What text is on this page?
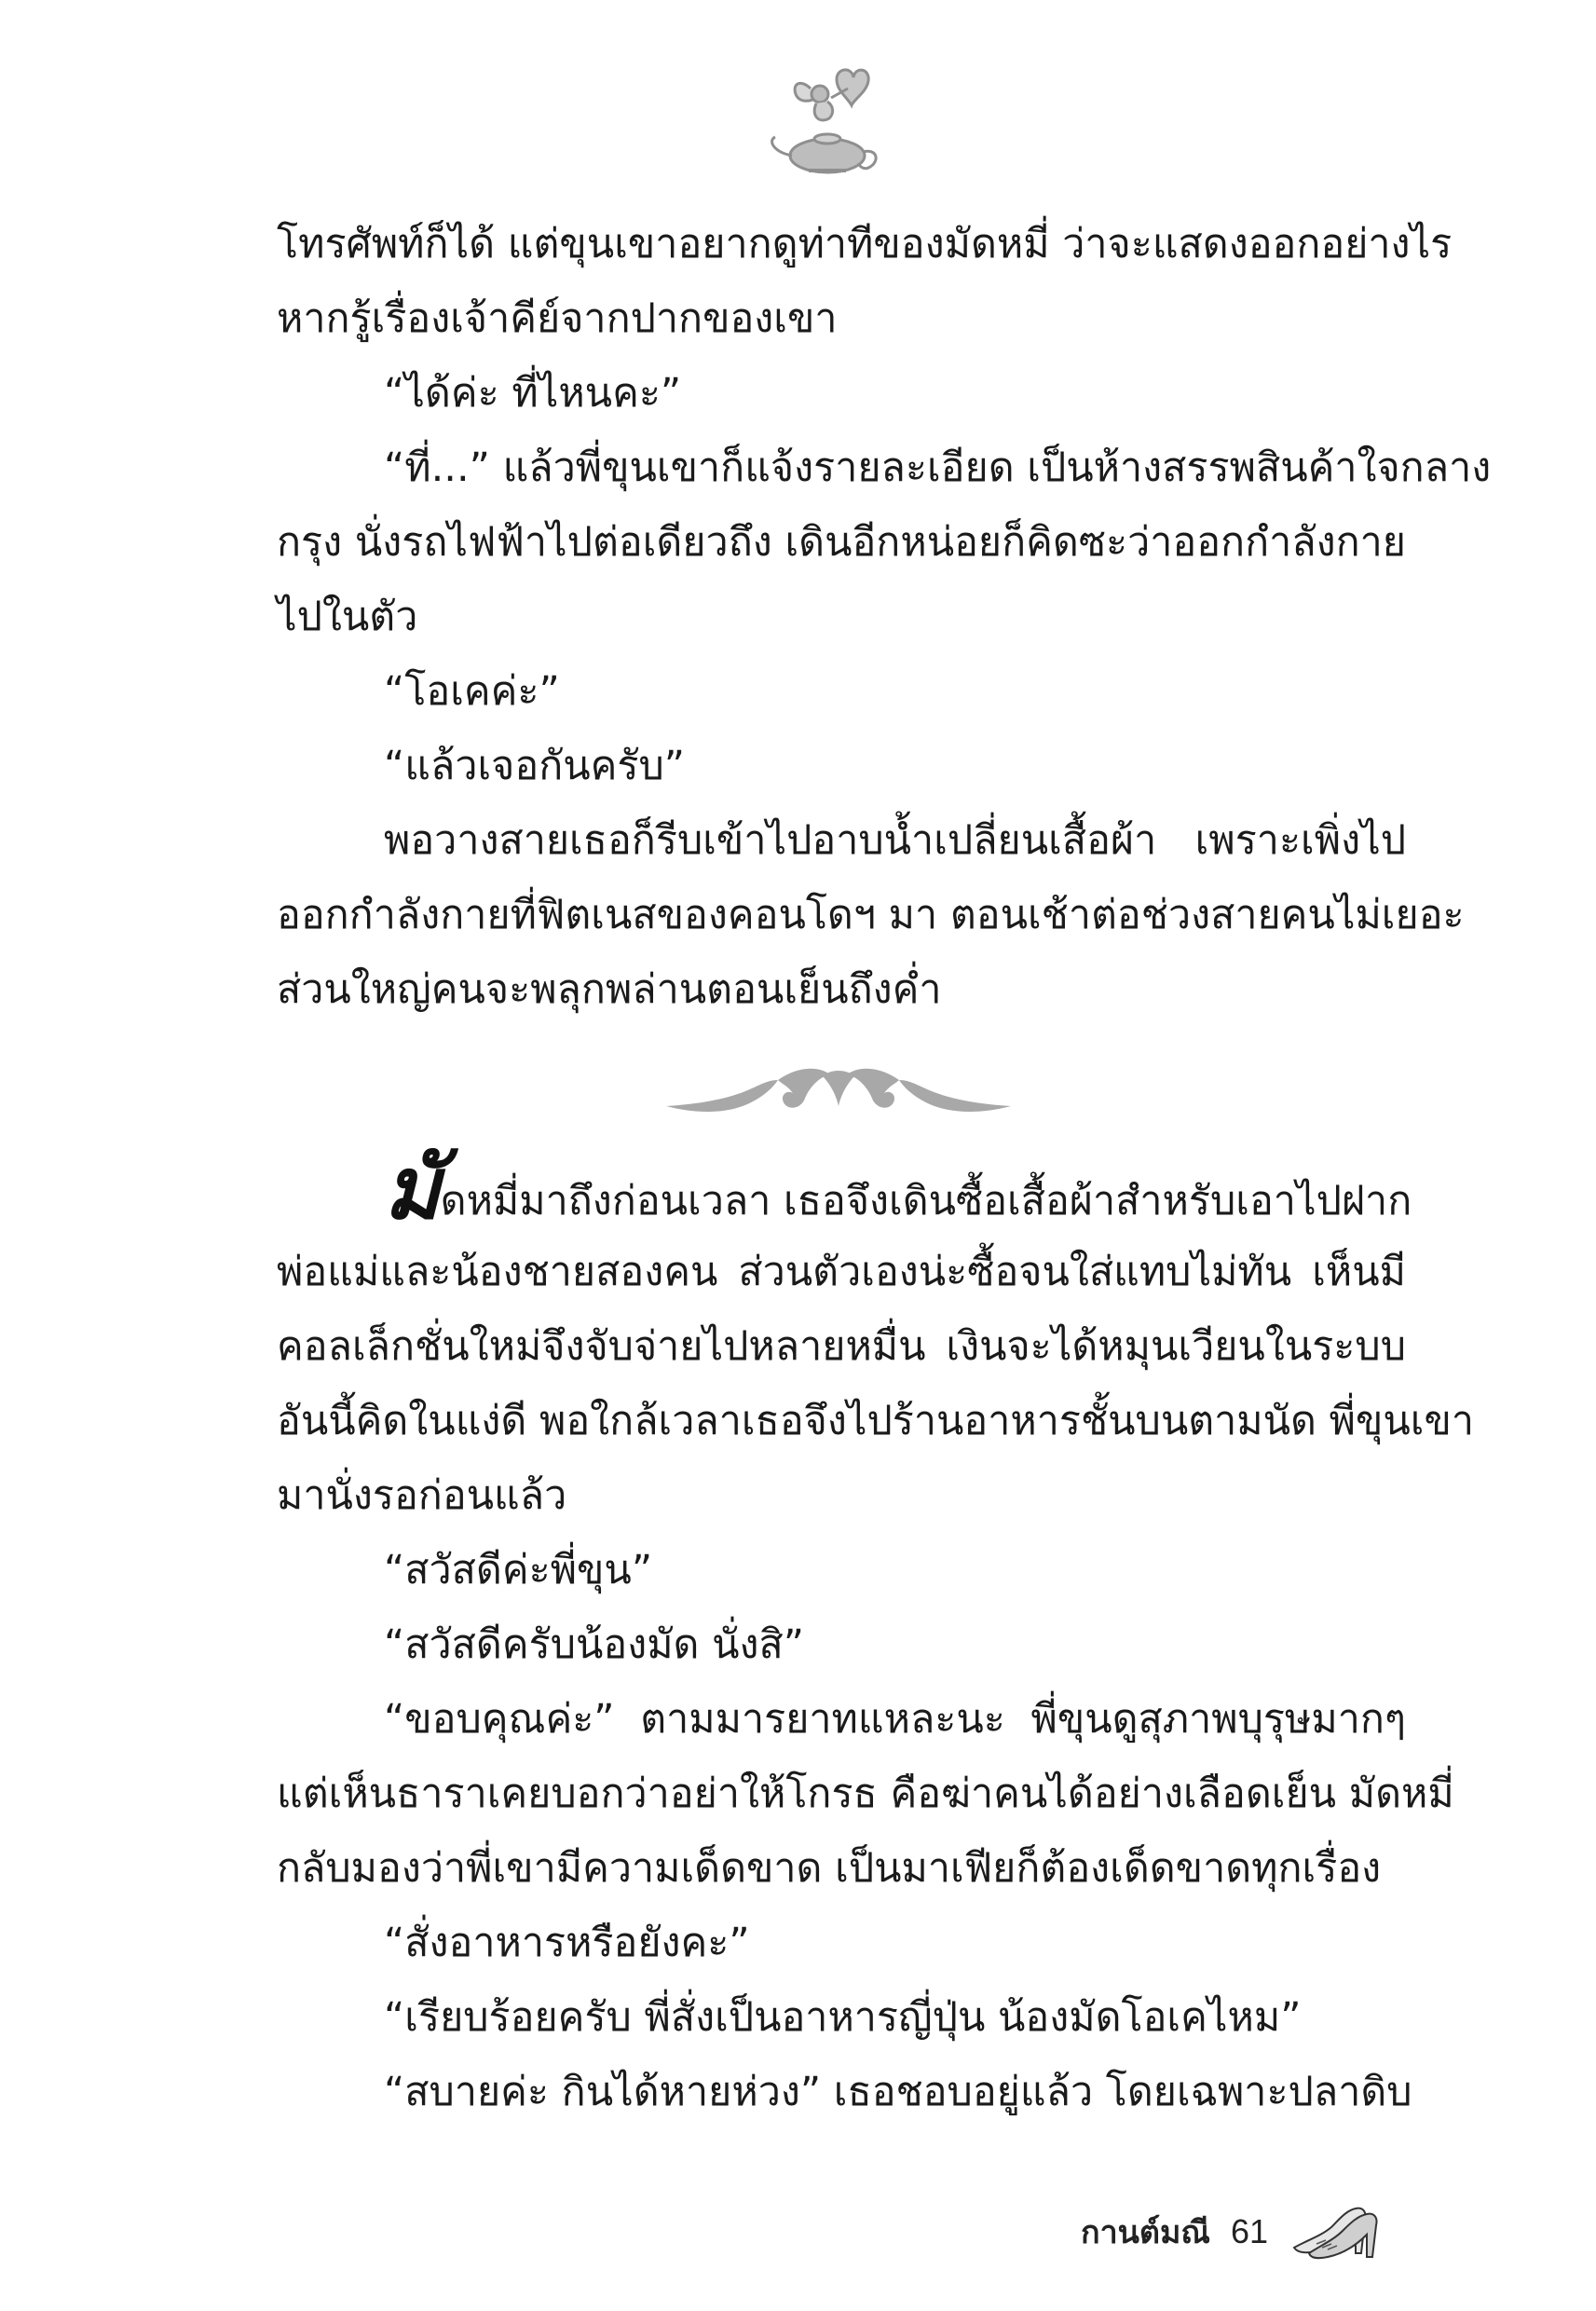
โทรศัพท์ก็ได้ แต่ขุนเขาอยากดูท่าทีของมัดหมี่ ว่าจะแสดงออกอย่างไร
หากรู้เรื่องเจ้าคีย์จากปากของเขา
“ได้ค่ะ ที่ไหนคะ”
“ที่...” แล้วพี่ขุนเขาก็แจ้งรายละเอียด เป็นห้างสรรพสินค้าใจกลาง
กรุง นั่งรถไฟฟ้าไปต่อเดียวถึง เดินอีกหน่อยก็คิดซะว่าออกกำลังกาย
ไปในตัว
“โอเคค่ะ”
“แล้วเจอกันครับ”
พอวางสายเธอก็รีบเข้าไปอาบน้ำเปลี่ยนเสื้อผ้า เพราะเพิ่งไป
ออกกำลังกายที่ฟิตเนสของคอนโดฯ มา ตอนเช้าต่อช่วงสายคนไม่เยอะ
ส่วนใหญ่คนจะพลุกพล่านตอนเย็นถึงค่ำ
มัดหมี่มาถึงก่อนเวลา เธอจึงเดินซื้อเสื้อผ้าสำหรับเอาไปฝาก
พ่อแม่และน้องชายสองคน ส่วนตัวเองน่ะซื้อจนใส่แทบไม่ทัน เห็นมี
คอลเล็กชั่นใหม่จึงจับจ่ายไปหลายหมื่น เงินจะได้หมุนเวียนในระบบ
อันนี้คิดในแง่ดี พอใกล้เวลาเธอจึงไปร้านอาหารชั้นบนตามนัด พี่ขุนเขา
มานั่งรอก่อนแล้ว
“สวัสดีค่ะพี่ขุน”
“สวัสดีครับน้องมัด นั่งสิ”
“ขอบคุณค่ะ” ตามมารยาทแหละนะ พี่ขุนดูสุภาพบุรุษมากๆ
แต่เห็นธาราเคยบอกว่าอย่าให้โกรธ คือฆ่าคนได้อย่างเลือดเย็น มัดหมี่
กลับมองว่าพี่เขามีความเด็ดขาด เป็นมาเฟียก็ต้องเด็ดขาดทุกเรื่อง
“สั่งอาหารหรือยังคะ”
“เรียบร้อยครับ พี่สั่งเป็นอาหารญี่ปุ่น น้องมัดโอเคไหม”
“สบายค่ะ กินได้หายห่วง” เธอชอบอยู่แล้ว โดยเฉพาะปลาดิบ
กานต์มณี 61
